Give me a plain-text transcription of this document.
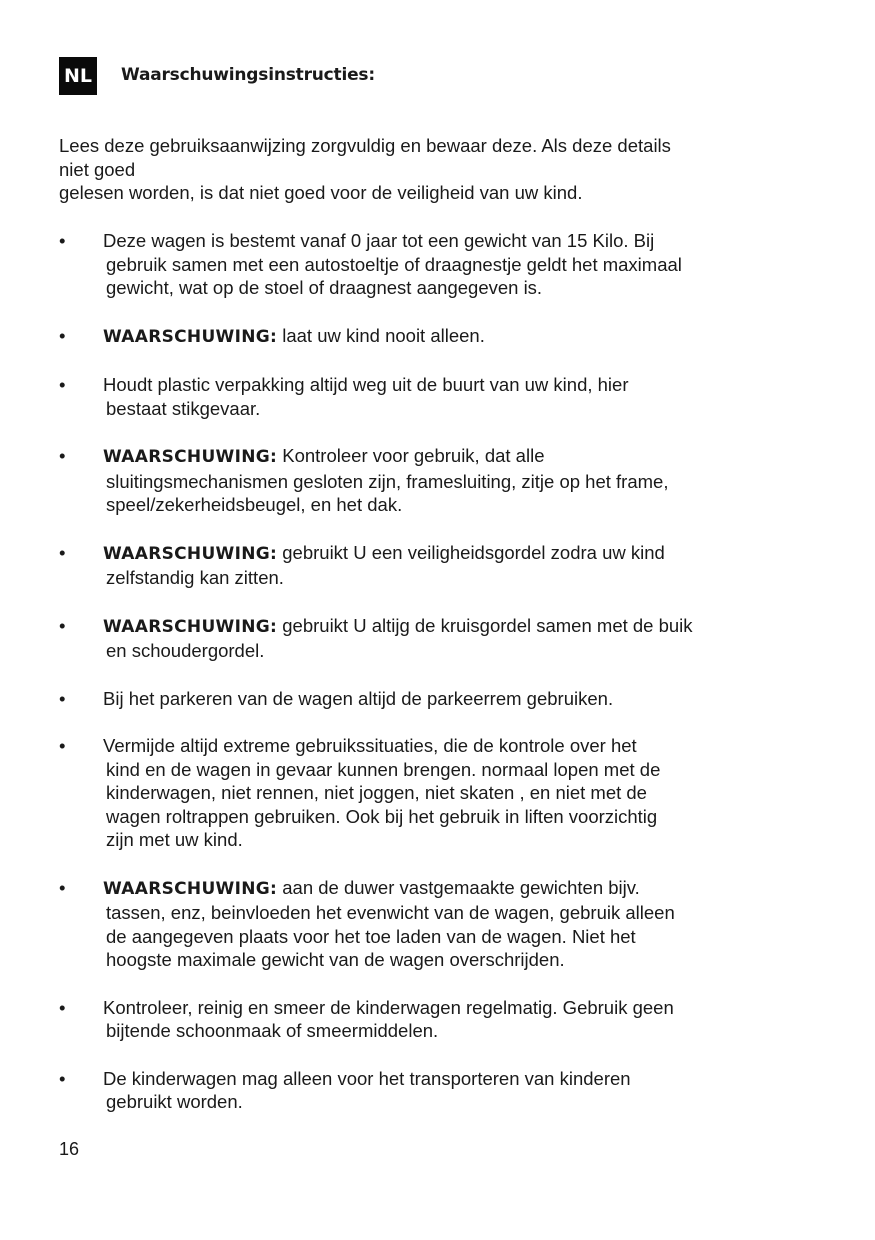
NL Waarschuwingsinstructies:

Lees deze gebruiksaanwijzing zorgvuldig en bewaar deze. Als deze details
niet goed
gelesen worden, is dat niet goed voor de veiligheid van uw kind.

• Deze wagen is bestemt vanaf 0 jaar tot een gewicht van 15 Kilo. Bij
gebruik samen met een autostoeltje of draagnestje geldt het maximaal
gewicht, wat op de stoel of draagnest aangegeven is.
•	WAARSCHUWING: laat uw kind nooit alleen.
• Houdt plastic verpakking altijd weg uit de buurt van uw kind, hier
bestaat stikgevaar.
•	WAARSCHUWING: Kontroleer voor gebruik, dat alle
sluitingsmechanismen gesloten zijn, framesluiting, zitje op het frame,
speel/zekerheidsbeugel, en het dak.
•	WAARSCHUWING: gebruikt U een veiligheidsgordel zodra uw kind
zelfstandig kan zitten.
•	WAARSCHUWING: gebruikt U altijg de kruisgordel samen met de buik
en schoudergordel.
• Bij het parkeren van de wagen altijd de parkeerrem gebruiken.
• Vermijde altijd extreme gebruikssituaties, die de kontrole over het
kind en de wagen in gevaar kunnen brengen. normaal lopen met de
kinderwagen, niet rennen, niet joggen, niet skaten , en niet met de
wagen roltrappen gebruiken. Ook bij het gebruik in liften voorzichtig
zijn met uw kind.
•	WAARSCHUWING: aan de duwer vastgemaakte gewichten bijv.
tassen, enz, beinvloeden het evenwicht van de wagen, gebruik alleen
de aangegeven plaats voor het toe laden van de wagen. Niet het
hoogste maximale gewicht van de wagen overschrijden.
• Kontroleer, reinig en smeer de kinderwagen regelmatig. Gebruik geen
bijtende schoonmaak of smeermiddelen.
• De kinderwagen mag alleen voor het transporteren van kinderen
gebruikt worden.
16
